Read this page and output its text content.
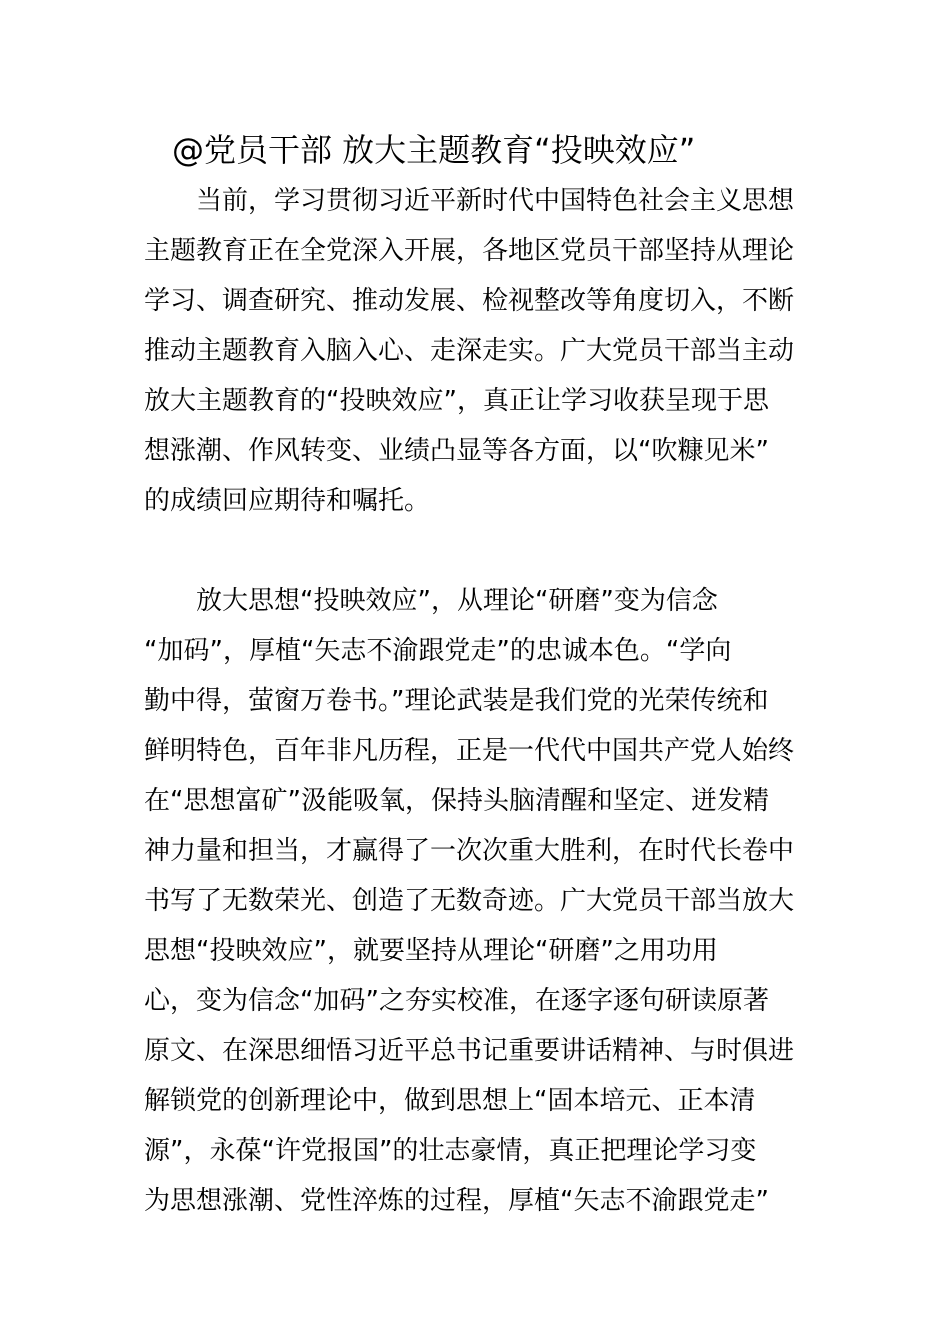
@党员干部 放大主题教育“投映效应”
当前，学习贯彻习近平新时代中国特色社会主义思想
主题教育正在全党深入开展，各地区党员干部坚持从理论
学习、调查研究、推动发展、检视整改等角度切入，不断
推动主题教育入脑入心、走深走实。广大党员干部当主动
放大主题教育的“投映效应”，真正让学习收获呈现于思
想涨潮、作风转变、业绩凸显等各方面，以“吹糠见米”
的成绩回应期待和嘱托。
放大思想“投映效应”，从理论“研磨”变为信念
“加码”，厚植“矢志不渝跟党走”的忠诚本色。“学向
勤中得，萤窗万卷书。”理论武装是我们党的光荣传统和
鲜明特色，百年非凡历程，正是一代代中国共产党人始终
在“思想富矿”汲能吸氧，保持头脑清醒和坚定、迸发精
神力量和担当，才赢得了一次次重大胜利，在时代长卷中
书写了无数荣光、创造了无数奇迹。广大党员干部当放大
思想“投映效应”，就要坚持从理论“研磨”之用功用
心，变为信念“加码”之夯实校准，在逐字逐句研读原著
原文、在深思细悟习近平总书记重要讲话精神、与时俱进
解锁党的创新理论中，做到思想上“固本培元、正本清
源”，永葆“许党报国”的壮志豪情，真正把理论学习变
为思想涨潮、党性淬炼的过程，厚植“矢志不渝跟党走”
